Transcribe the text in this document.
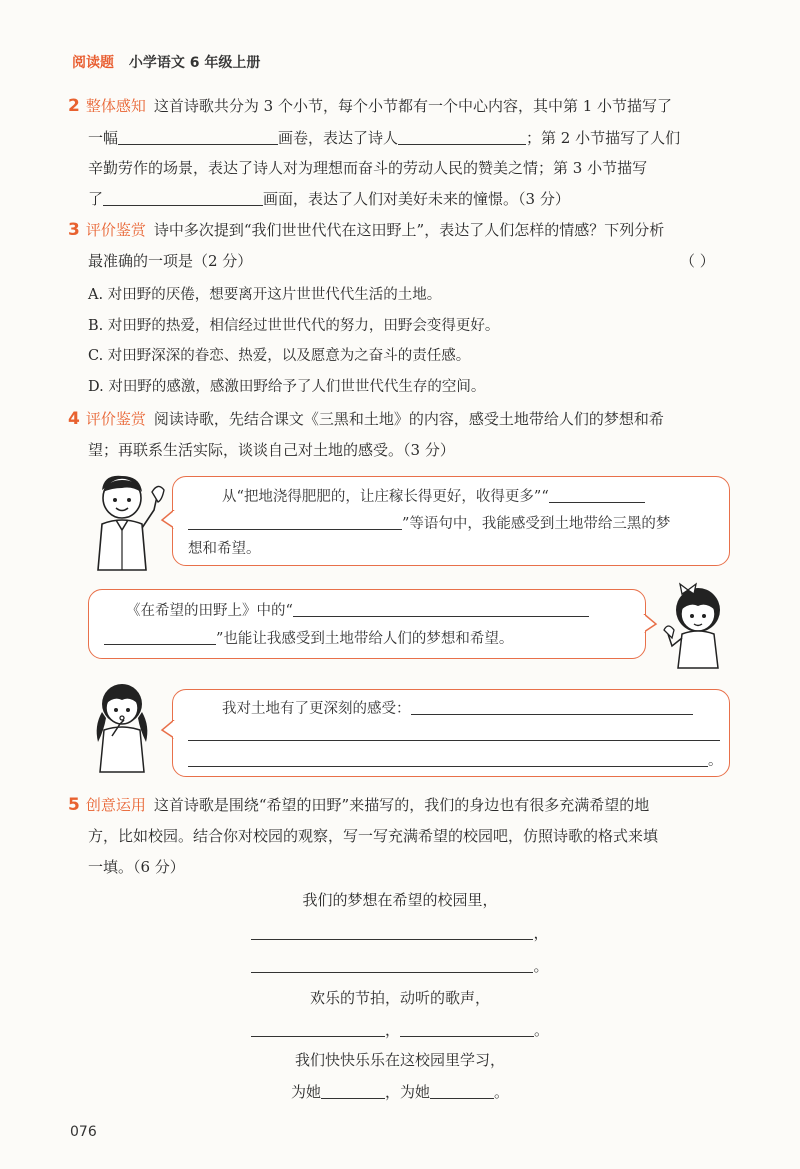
阅读题 小学语文 6 年级上册
2 整体感知 这首诗歌共分为 3 个小节，每个小节都有一个中心内容，其中第 1 小节描写了
一幅	画卷，表达了诗人	；第 2 小节描写了人们
辛勤劳作的场景，表达了诗人对为理想而奋斗的劳动人民的赞美之情；第 3 小节描写
了	画面，表达了人们对美好未来的憧憬。（3 分）
3 评价鉴赏 诗中多次提到“我们世世代代在这田野上”，表达了人们怎样的情感？下列分析
最准确的一项是（2 分）	（ ）
A. 对田野的厌倦，想要离开这片世世代代生活的土地。
B. 对田野的热爱，相信经过世世代代的努力，田野会变得更好。
C. 对田野深深的眷恋、热爱，以及愿意为之奋斗的责任感。
D. 对田野的感激，感激田野给予了人们世世代代生存的空间。
4 评价鉴赏 阅读诗歌，先结合课文《三黑和土地》的内容，感受土地带给人们的梦想和希
望；再联系生活实际，谈谈自己对土地的感受。（3 分）
从“把地浇得肥肥的，让庄稼长得更好，收得更多”“
”等语句中，我能感受到土地带给三黑的梦
想和希望。
《在希望的田野上》中的“
”也能让我感受到土地带给人们的梦想和希望。
我对土地有了更深刻的感受：
。
5 创意运用 这首诗歌是围绕“希望的田野”来描写的，我们的身边也有很多充满希望的地
方，比如校园。结合你对校园的观察，写一写充满希望的校园吧，仿照诗歌的格式来填
一填。（6 分）
我们的梦想在希望的校园里，
，
。
欢乐的节拍，动听的歌声，
，	。
我们快快乐乐在这校园里学习，
为她	，为她	。
076
